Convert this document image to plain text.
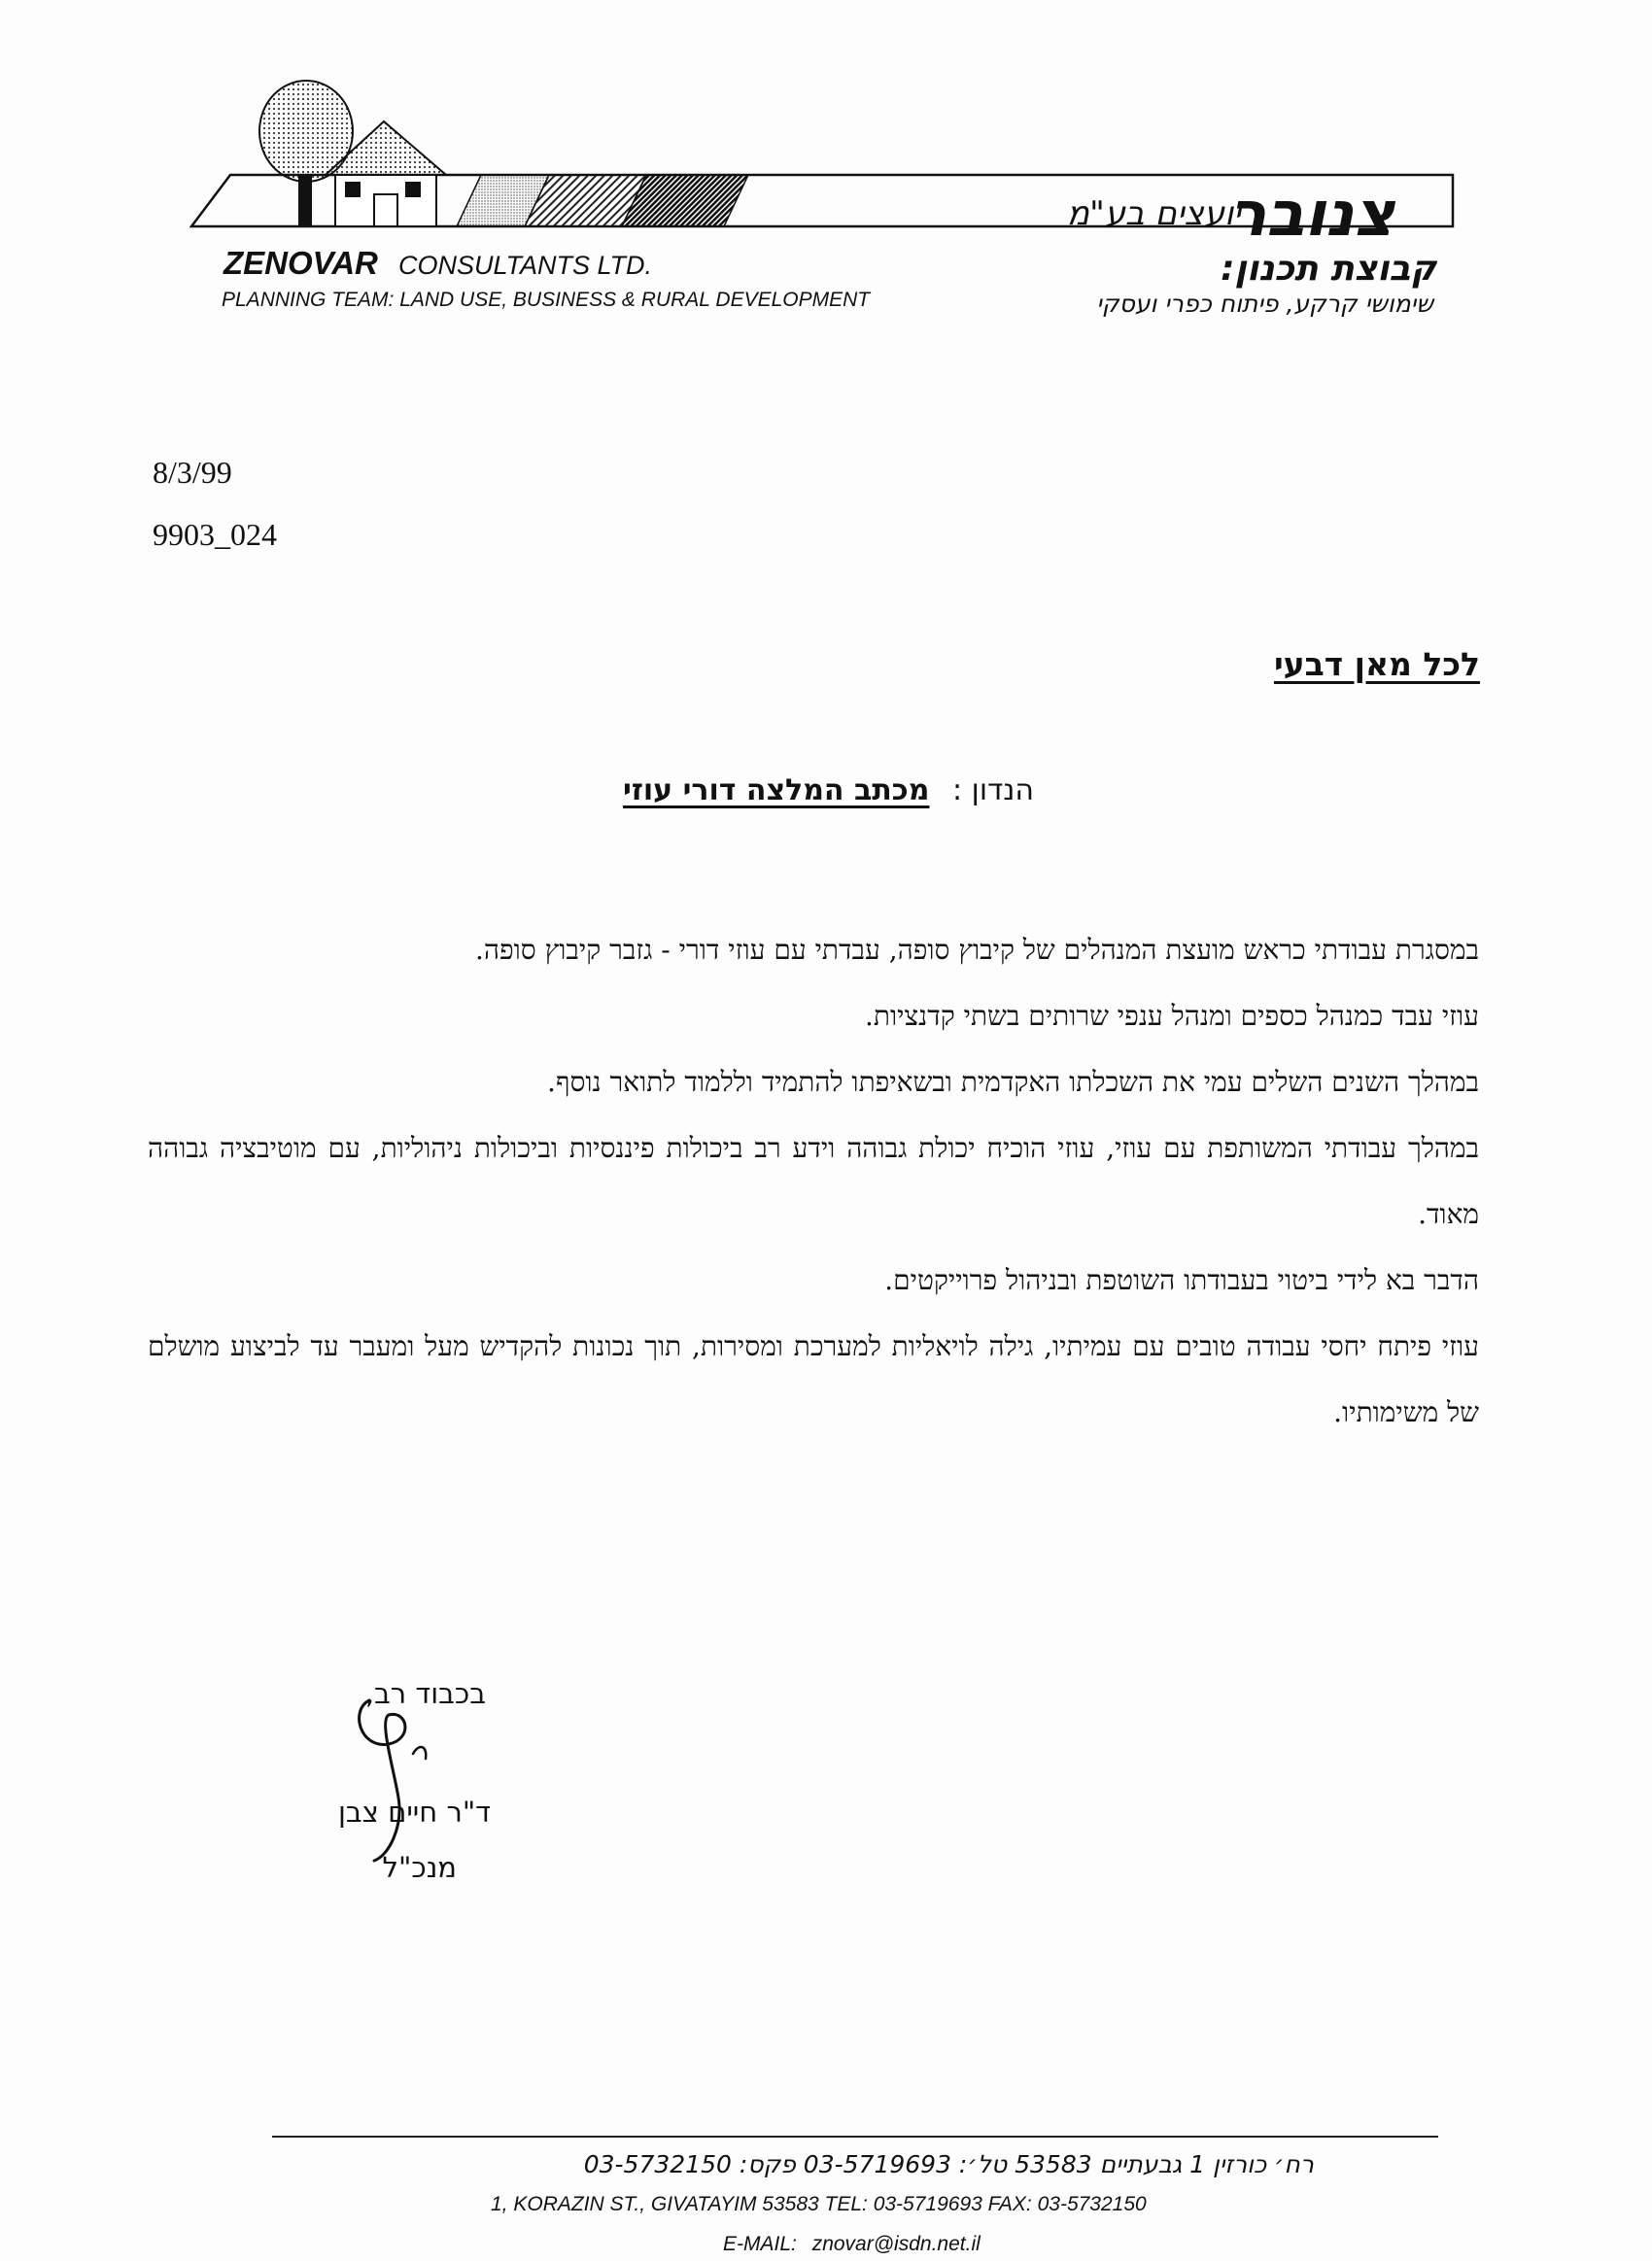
צנובר
יועצים בע"מ
ZENOVAR CONSULTANTS LTD.
PLANNING TEAM: LAND USE, BUSINESS & RURAL DEVELOPMENT
קבוצת תכנון:
שימושי קרקע, פיתוח כפרי ועסקי
8/3/99
9903_024
לכל מאן דבעי
הנדון : מכתב המלצה דורי עוזי

במסגרת עבודתי כראש מועצת המנהלים של קיבוץ סופה, עבדתי עם עוזי דורי - גזבר קיבוץ סופה.

עוזי עבד כמנהל כספים ומנהל ענפי שרותים בשתי קדנציות.

במהלך השנים השלים עמי את השכלתו האקדמית ובשאיפתו להתמיד וללמוד לתואר נוסף.

במהלך עבודתי המשותפת עם עוזי, עוזי הוכיח יכולת גבוהה וידע רב ביכולות פיננסיות וביכולות ניהוליות, עם מוטיבציה גבוהה מאוד.

הדבר בא לידי ביטוי בעבודתו השוטפת ובניהול פרוייקטים.

עוזי פיתח יחסי עבודה טובים עם עמיתיו, גילה לויאליות למערכת ומסירות, תוך נכונות להקדיש מעל ומעבר עד לביצוע מושלם של משימותיו.

בכבוד רב,
ד"ר חיים צבן
מנכ"ל
רח׳ כורזין 1 גבעתיים 53583 טל׳: 03-5719693 פקס: 03-5732150
1, KORAZIN ST., GIVATAYIM 53583 TEL: 03-5719693 FAX: 03-5732150
E-MAIL: znovar@isdn.net.il
